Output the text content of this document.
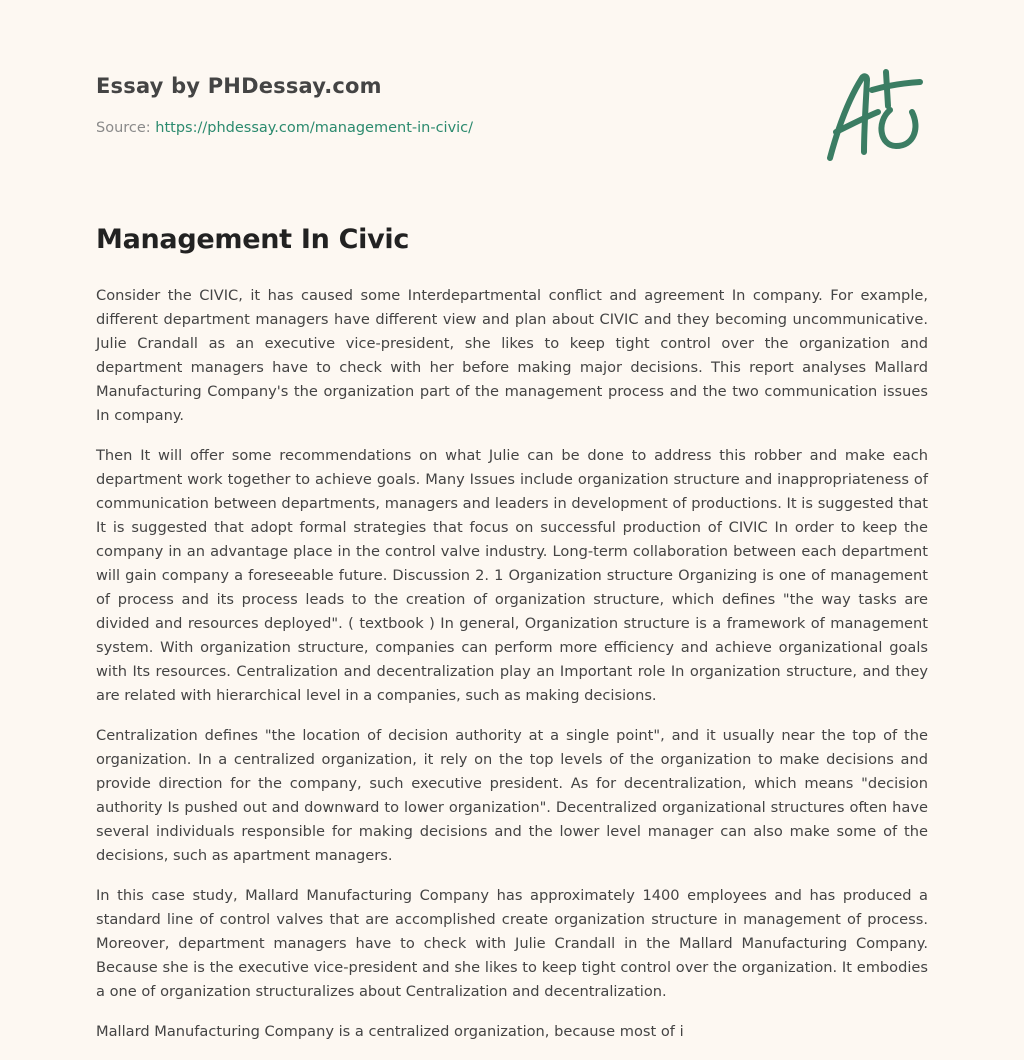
Essay by PHDessay.com
Source: https://phdessay.com/management-in-civic/
Management In Civic

Consider the CIVIC, it has caused some Interdepartmental conflict and agreement In company. For example, different department managers have different view and plan about CIVIC and they becoming uncommunicative. Julie Crandall as an executive vice-president, she likes to keep tight control over the organization and department managers have to check with her before making major decisions. This report analyses Mallard Manufacturing Company's the organization part of the management process and the two communication issues In company.

Then It will offer some recommendations on what Julie can be done to address this robber and make each department work together to achieve goals. Many Issues include organization structure and inappropriateness of communication between departments, managers and leaders in development of productions. It is suggested that It is suggested that adopt formal strategies that focus on successful production of CIVIC In order to keep the company in an advantage place in the control valve industry. Long-term collaboration between each department will gain company a foreseeable future. Discussion 2. 1 Organization structure Organizing is one of management of process and its process leads to the creation of organization structure, which defines "the way tasks are divided and resources deployed". ( textbook ) In general, Organization structure is a framework of management system. With organization structure, companies can perform more efficiency and achieve organizational goals with Its resources. Centralization and decentralization play an Important role In organization structure, and they are related with hierarchical level in a companies, such as making decisions.

Centralization defines "the location of decision authority at a single point", and it usually near the top of the organization. In a centralized organization, it rely on the top levels of the organization to make decisions and provide direction for the company, such executive president. As for decentralization, which means "decision authority Is pushed out and downward to lower organization". Decentralized organizational structures often have several individuals responsible for making decisions and the lower level manager can also make some of the decisions, such as apartment managers.

In this case study, Mallard Manufacturing Company has approximately 1400 employees and has produced a standard line of control valves that are accomplished create organization structure in management of process. Moreover, department managers have to check with Julie Crandall in the Mallard Manufacturing Company. Because she is the executive vice-president and she likes to keep tight control over the organization. It embodies a one of organization structuralizes about Centralization and decentralization.

Mallard Manufacturing Company is a centralized organization, because most of i
